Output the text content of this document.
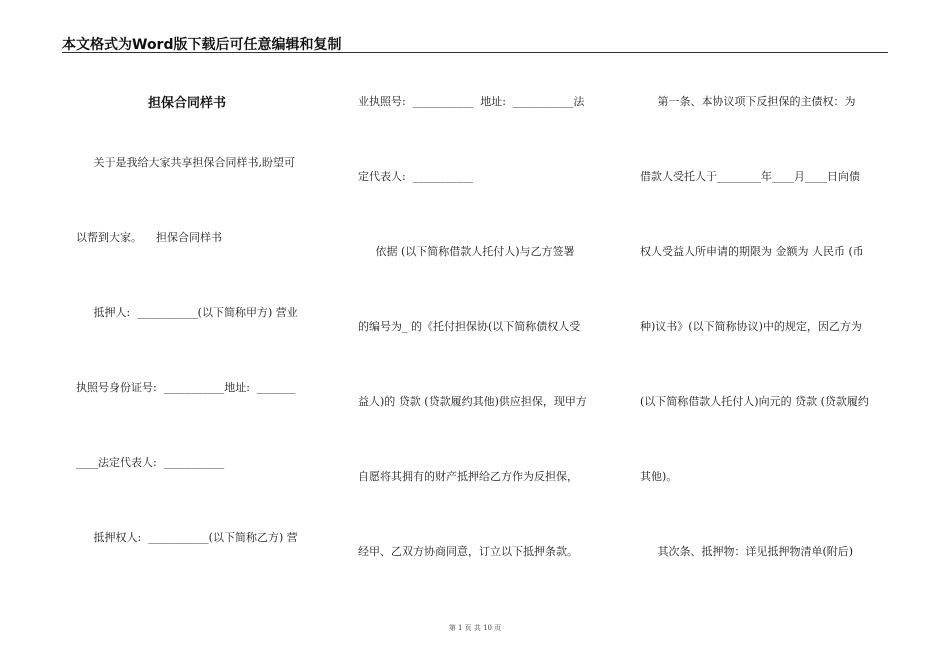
本文格式为Word版下载后可任意编辑和复制
担保合同样书
关于是我给大家共享担保合同样书,盼望可
以帮到大家。    担保合同样书
抵押人:  ___________(以下简称甲方) 营业
执照号身份证号:  ___________地址:  _______
____法定代表人:  ___________
抵押权人:  ___________(以下简称乙方) 营
业执照号:  ___________  地址:  ___________法
定代表人:  ___________
依据 (以下简称借款人托付人)与乙方签署
的编号为_ 的《托付担保协(以下简称债权人受
益人)的 贷款 (贷款履约其他)供应担保，现甲方
自愿将其拥有的财产抵押给乙方作为反担保，
经甲、乙双方协商同意，订立以下抵押条款。
第一条、本协议项下反担保的主债权：为
借款人受托人于________年____月____日向债
权人受益人所申请的期限为 金额为 人民币 (币
种)议书》(以下简称协议)中的规定，因乙方为
(以下简称借款人托付人)向元的 贷款 (贷款履约
其他)。
其次条、抵押物：详见抵押物清单(附后)
第 1 页 共 10 页
